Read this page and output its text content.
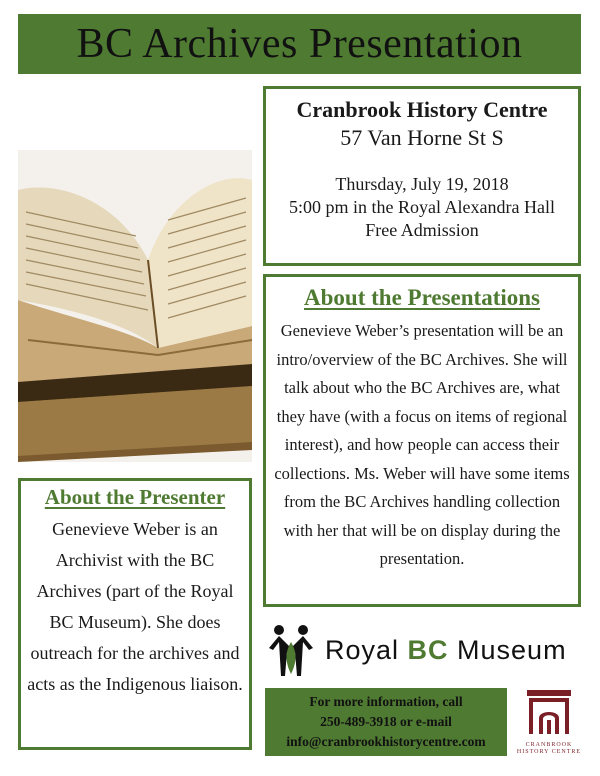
BC Archives Presentation
Cranbrook History Centre
57 Van Horne St S
Thursday, July 19, 2018
5:00 pm in the Royal Alexandra Hall
Free Admission
About the Presentations
Genevieve Weber’s presentation will be an intro/overview of the BC Archives. She will talk about who the BC Archives are, what they have (with a focus on items of regional interest), and how people can access their collections. Ms. Weber will have some items from the BC Archives handling collection with her that will be on display during the presentation.
About the Presenter
Genevieve Weber is an Archivist with the BC Archives (part of the Royal BC Museum). She does outreach for the archives and acts as the Indigenous liaison.
Royal BC Museum
For more information, call
250-489-3918 or e-mail
info@cranbrookhistorycentre.com	CRANBROOK
HISTORY CENTRE
